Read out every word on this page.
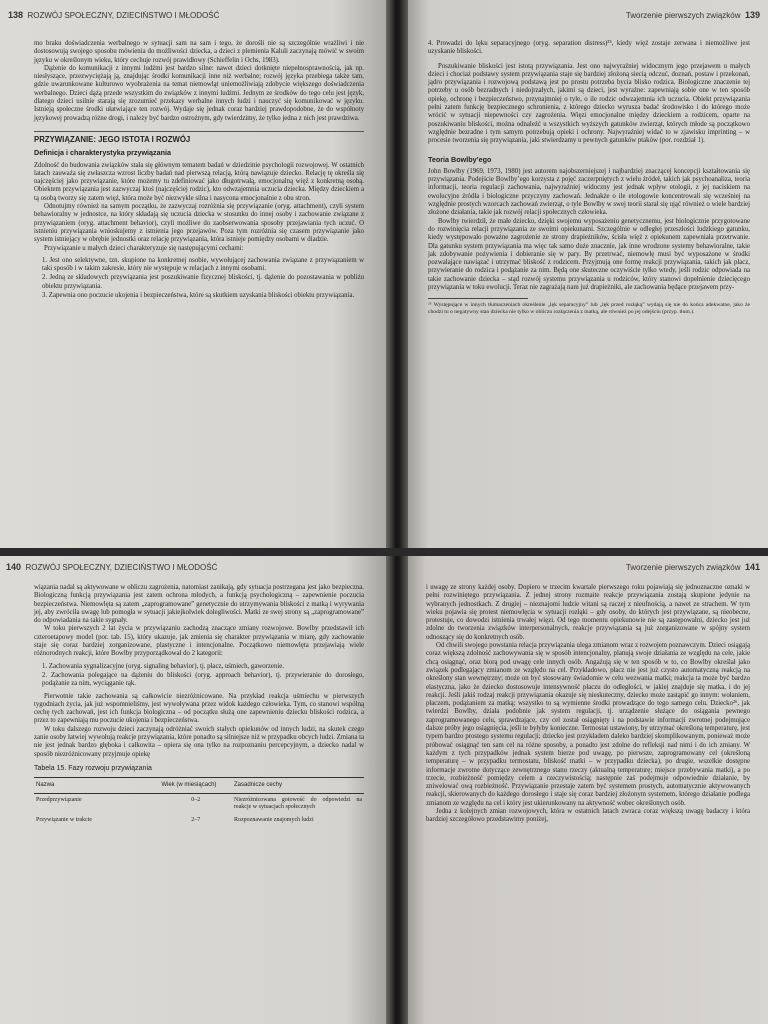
138 ROZWÓJ SPOŁECZNY, DZIECIŃSTWO I MŁODOŚĆ

mo braku doświadczenia werbalnego w sytuacji sam na sam i tego, że dorośli nie są szczególnie wrażliwi i nie dostosowują swojego sposobu mówienia do możliwości dziecka, a dzieci z plemienia Kaluli zaczynają mówić w swoim języku w określonym wieku, który cechuje rozwój prawidłowy (Schieffelin i Ochs, 1983).

Dążenie do komunikacji z innymi ludźmi jest bardzo silne: nawet dzieci dotknięte niepełnosprawnością, jak np. niesłyszące, przezwyciężają ją, znajdując środki komunikacji inne niż werbalne; rozwój języka przebiega także tam, gdzie uwarunkowane kulturowo wyobrażenia na temat niemowląt uniemożliwiają zdobycie większego doświadczenia werbalnego. Dzieci dążą przede wszystkim do związków z innymi ludźmi. Jednym ze środków do tego celu jest język, dlatego dzieci usilnie starają się zrozumieć przekazy werbalne innych ludzi i nauczyć się komunikować w języku. Istnieją społeczne środki ułatwiające ten rozwój. Wydaje się jednak coraz bardziej prawdopodobne, że do współnoty językowej prowadzą różne drogi, i należy być bardzo ostrożnym, gdy twierdzimy, że tylko jedna z nich jest prawdziwa.

PRZYWIĄZANIE: JEGO ISTOTA I ROZWÓJ
Definicja i charakterystyka przywiązania

Zdolność do budowania związków stała się głównym tematem badań w dziedzinie psychologii rozwojowej. W ostatnich latach zauważa się zwłaszcza wzrost liczby badań nad pierwszą relacją, którą nawiązuje dziecko. Relację tę określa się najczęściej jako przywiązanie, które możemy tu zdefiniować jako długotrwałą, emocjonalną więź z konkretną osobą. Obiektem przywiązania jest zazwyczaj ktoś (najczęściej rodzic), kto odwzajemnia uczucia dziecka. Między dzieckiem a tą osobą tworzy się zatem więź, która może być niezwykle silna i nasycona emocjonalnie z obu stron.

Odnotujmy również na samym początku, że zazwyczaj rozróżnia się przywiązanie (oryg. attachment), czyli system behawioralny w jednostce, na który składają się uczucia dziecka w stosunku do innej osoby i zachowanie związane z przywiązaniem (oryg. attachment behavior), czyli możliwe do zaobserwowania sposoby przejawiania tych uczuć. O istnieniu przywiązania wnioskujemy z istnienia jego przejawów. Poza tym rozróżnia się czasem przywiązanie jako system istniejący w obrębie jednostki oraz relację przywiązania, która istnieje pomiędzy osobami w diadzie.

Przywiązanie u małych dzieci charakteryzuje się następującymi cechami:

1. Jest ono selektywne, tzn. skupione na konkretnej osobie, wywołującej zachowania związane z przywiązaniem w taki sposób i w takim zakresie, który nie występuje w relacjach z innymi osobami.
2. Jedną ze składowych przywiązania jest poszukiwanie fizycznej bliskości, tj. dążenie do pozostawania w pobliżu obiektu przywiązania.
3. Zapewnia ono poczucie ukojenia i bezpieczeństwa, które są skutkiem uzyskania bliskości obiektu przywiązania.
Tworzenie pierwszych związków 139

4. Prowadzi do lęku separacyjnego (oryg. separation distress)²⁵, kiedy więź zostaje zerwana i niemożliwe jest uzyskanie bliskości.

Poszukiwanie bliskości jest istotą przywiązania. Jest ono najwyraźniej widocznym jego przejawem u małych dzieci i chociaż podstawy system przywiązania staje się bardziej złożoną siecią odczuć, doznań, postaw i przekonań, jądro przywiązania i rozwojową podstawą jest po prostu potrzeba bycia blisko rodzica. Biologiczne znaczenie tej potrzeby u osób bezradnych i niedojrzałych, jakimi są dzieci, jest wyraźne: zapewniają sobie one w ten sposób opiekę, ochronę i bezpieczeństwo, przynajmniej o tyle, o ile rodzic odwzajemnia ich uczucia. Obiekt przywiązania pełni zatem funkcję bezpiecznego schronienia, z którego dziecko wyrusza badać środowisko i do którego może wrócić w sytuacji niepewności czy zagrożenia. Więzi emocjonalne między dzieckiem a rodzicem, oparte na poszukiwaniu bliskości, można odnaleźć u wszystkich wyższych gatunków zwierząt, których młode są początkowo względnie bezradne i tym samym potrzebują opieki i ochrony. Najwyraźniej widać to w zjawisku imprinting – w procesie tworzenia się przywiązania, jaki stwierdzamy u pewnych gatunków ptaków (por. rozdział 1).

Teoria Bowlby’ego

John Bowlby (1969, 1973, 1980) jest autorem najobszerniejszej i najbardziej znaczącej koncepcji kształtowania się przywiązania. Podejście Bowlby’ego korzysta z pojęć zaczerpniętych z wielu źródeł, takich jak psychoanaliza, teoria informacji, teoria regulacji zachowania, najwyraźniej widoczny jest jednak wpływ etologii, z jej naciskiem na ewolucyjne źródła i biologiczne przyczyny zachowań. Jednakże o ile etologowie koncentrowali się wcześniej na względnie prostych wzorcach zachowań zwierząt, o tyle Bowlby w swej teorii starał się ująć również o wiele bardziej złożone działania, takie jak rozwój relacji społecznych człowieka.

Bowlby twierdził, że małe dziecko, dzięki swojemu wyposażeniu genetycznemu, jest biologicznie przygotowane do rozwinięcia relacji przywiązania ze swoimi opiekunami. Szczególnie w odległej przeszłości ludzkiego gatunku, kiedy występowało poważne zagrożenie ze strony drapieżników, ścisła więź z opiekunem zapewniała przetrwanie. Dla gatunku system przywiązania ma więc tak samo duże znacznie, jak inne wrodzone systemy behawioralne, takie jak zdobywanie pożywienia i dobieranie się w pary. By przetrwać, niemowlę musi być wyposażone w środki pozwalające nawiązać i utrzymać bliskość z rodzicem. Przyjmują one formę reakcji przywiązania, takich jak płacz, przywieranie do rodzica i podążanie za nim. Będą one skuteczne oczywiście tylko wtedy, jeśli rodzic odpowiada na takie zachowanie dziecka – stąd rozwój systemu przywiązania u rodziców, który stanowi dopełnienie dziecięcego przywiązania w toku ewolucji. Teraz nie zagrażają nam już drapieżniki, ale zachowania będące przejawem przy-

²⁵ Występujące w innych tłumaczeniach określenie „lęk separacyjny” lub „lęk przed rozłąką” wydają się nie do końca adekwatne, jako że chodzi tu o negatywny stan dziecka nie tylko w obliczu rozłączenia z matką, ale również po jej odejściu (przyp. tłum.).
140 ROZWÓJ SPOŁECZNY, DZIECIŃSTWO I MŁODOŚĆ

wiązania nadal są aktywowane w obliczu zagrożenia, natomiast zanikają, gdy sytuacja postrzegana jest jako bezpieczna. Biologiczną funkcją przywiązania jest zatem ochrona młodych, a funkcją psychologiczną – zapewnienie poczucia bezpieczeństwa. Niemowlęta są zatem „zaprogramowane” genetycznie do utrzymywania bliskości z matką i wyrywania jej, aby zwróciła uwagę lub pomogła w sytuacji jakiejkolwiek dolegliwości. Matki ze swej strony są „zaprogramowane” do odpowiadania na takie sygnały.

W toku pierwszych 2 lat życia w przywiązaniu zachodzą znaczące zmiany rozwojowe. Bowlby przedstawił ich czteroetapowy model (por. tab. 15), który ukazuje, jak zmienia się charakter przywiązania w miarę, gdy zachowanie staje się coraz bardziej zorganizowane, plastyczne i intencjonalne. Początkowo niemowlęta przejawiają wiele różnorodnych reakcji, które Bowlby przyporządkował do 2 kategorii:

1. Zachowania sygnalizacyjne (oryg. signaling behavior), tj. płacz, uśmiech, gaworzenie.
2. Zachowania polegające na dążeniu do bliskości (oryg. approach behavior), tj. przywieranie do dorosłego, podążanie za nim, wyciąganie rąk.

Pierwotnie takie zachowania są całkowicie niezróżnicowane. Na przykład reakcja uśmiechu w pierwszych tygodniach życia, jak już wspomnieliśmy, jest wywoływana przez widok każdego człowieka. Tym, co stanowi wspólną cechę tych zachowań, jest ich funkcja biologiczna – od początku służą one zapewnieniu dziecku bliskości rodzica, a przez to zapewniają mu poczucie ukojenia i bezpieczeństwa.

W toku dalszego rozwoju dzieci zaczynają odróżniać swoich stałych opiekunów od innych ludzi, na skutek czego zanie osoby łatwiej wywołują reakcje przywiązania, które ponadto są silniejsze niż w przypadku obcych ludzi. Zmiana ta nie jest jednak bardzo głęboka i całkowita – opiera się ona tylko na rozpoznaniu percepcyjnym, a dziecko nadal w sposób niezróżnicowany przyjmuje opiekę

Tabela 15. Fazy rozwoju przywiązania
Nazwa	Wiek (w miesiącach)	Zasadnicze cechy
Przedprzywiązanie	0–2	Niezróżnicowana gotowość do odpowiedzi na reakcje w sytuacjach społecznych
Przywiązanie w trakcie	2–7	Rozpoznawanie znajomych ludzi
Tworzenie pierwszych związków 141

i uwagę ze strony każdej osoby. Dopiero w trzecim kwartale pierwszego roku pojawiają się jednoznaczne oznaki w pełni rozwiniętego przywiązania. Z jednej strony rozmaite reakcje przywiązania zostają skupione jedynie na wybranych jednostkach. Z drugiej – nieznajomi ludzie witani są raczej z nieufnością, a nawet ze strachem. W tym wieku pojawia się protest niemowlęcia w sytuacji rozłąki – gdy osoby, do których jest przywiązane, są nieobecne, protestuje, co dowodzi istnienia trwałej więzi. Od tego momentu opiekunowie nie są zastępowalni, dziecko jest już zdolne do tworzenia związków interpersonalnych, reakcje przywiązania są już zorganizowane w spójny system odnoszący się do konkretnych osób.

Od chwili swojego powstania relacja przywiązania ulega zmianom wraz z rozwojem poznawczym. Dzieci osiągają coraz większą zdolność zachowywania się w sposób intencjonalny, planują swoje działania ze względu na cele, jakie chcą osiągnąć, oraz biorą pod uwagę cele innych osób. Angażują się w ten sposób w to, co Bowlby określał jako związek podlegający zmianom ze względu na cel. Przykładowo, płacz nie jest już czysto automatyczną reakcją na określony stan wewnętrzny; może on być stosowany świadomie w celu wezwania matki; reakcja ta może być bardzo elastyczna, jako że dziecko dostosowuje intensywność płaczu do odległości, w jakiej znajduje się matka, i do jej reakcji. Jeśli jakiś rodzaj reakcji przywiązania okazuje się nieskuteczny, dziecko może zastąpić go innym: wołaniem, płaczem, podążaniem za matką; wszystko to są wymienne środki prowadzące do tego samego celu. Dziecko²⁶, jak twierdzi Bowlby, działa podobnie jak system regulacji, tj. urządzenie służące do osiągania pewnego zaprogramowanego celu, sprawdzające, czy cel został osiągnięty i na podstawie informacji zwrotnej podejmujące dalsze próby jego osiągnięcia, jeśli te byłyby konieczne. Termostat ustawiony, by utrzymać określoną temperaturę, jest typem bardzo prostego systemu regulacji; dziecko jest przykładem daleko bardziej skomplikowanym, ponieważ może próbować osiągnąć ten sam cel na różne sposoby, a ponadto jest zdolne do refleksji nad nimi i do ich zmiany. W każdym z tych przypadków jednak system bierze pod uwagę, po pierwsze, zaprogramowany cel (określoną temperaturę – w przypadku termostatu, bliskość matki – w przypadku dziecka), po drugie, wszelkie dostępne informacje zwrotne dotyczące zewnętrznego stanu rzeczy (aktualną temperaturę; miejsce przebywania matki), a po trzecie, rozbieżność pomiędzy celem a rzeczywistością; następnie zaś podejmuje odpowiednie działanie, by zniwelować ową rozbieżność. Przywiązanie przestaje zatem być systemem prostych, automatycznie aktywowanych reakcji, skierowanych do każdego dorosłego i staje się coraz bardziej złożonym systemem, którego działanie podlega zmianom ze względu na cel i który jest ukierunkowany na aktywność wobec określonych osób.

Jedna z kolejnych zmian rozwojowych, która w ostatnich latach zwraca coraz większą uwagę badaczy i która bardziej szczegółowo przedstawimy poniżej,
